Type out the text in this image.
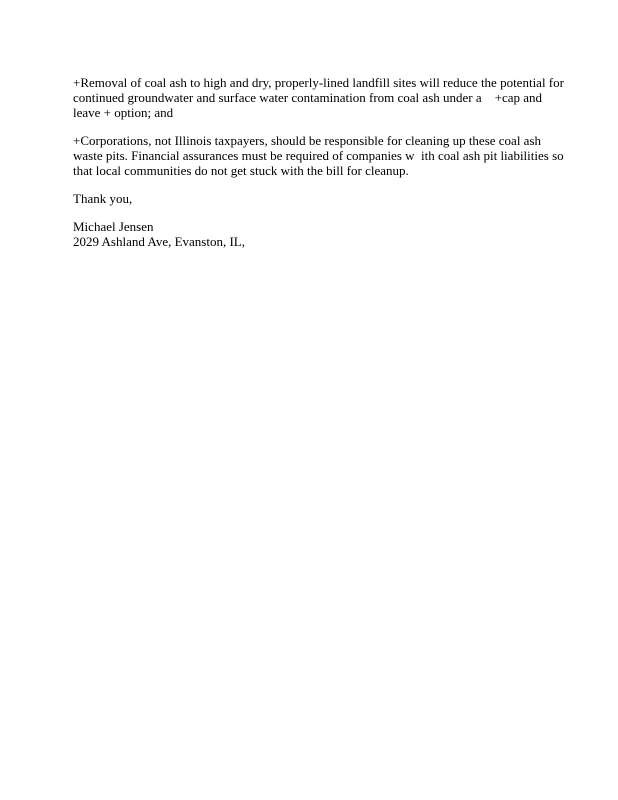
+Removal of coal ash to high and dry, properly-lined landfill sites will reduce the potential for
continued groundwater and surface water contamination from coal ash under a    +cap and
leave + option; and

+Corporations, not Illinois taxpayers, should be responsible for cleaning up these coal ash
waste pits. Financial assurances must be required of companies w  ith coal ash pit liabilities so
that local communities do not get stuck with the bill for cleanup.

Thank you,

Michael Jensen
2029 Ashland Ave, Evanston, IL,
